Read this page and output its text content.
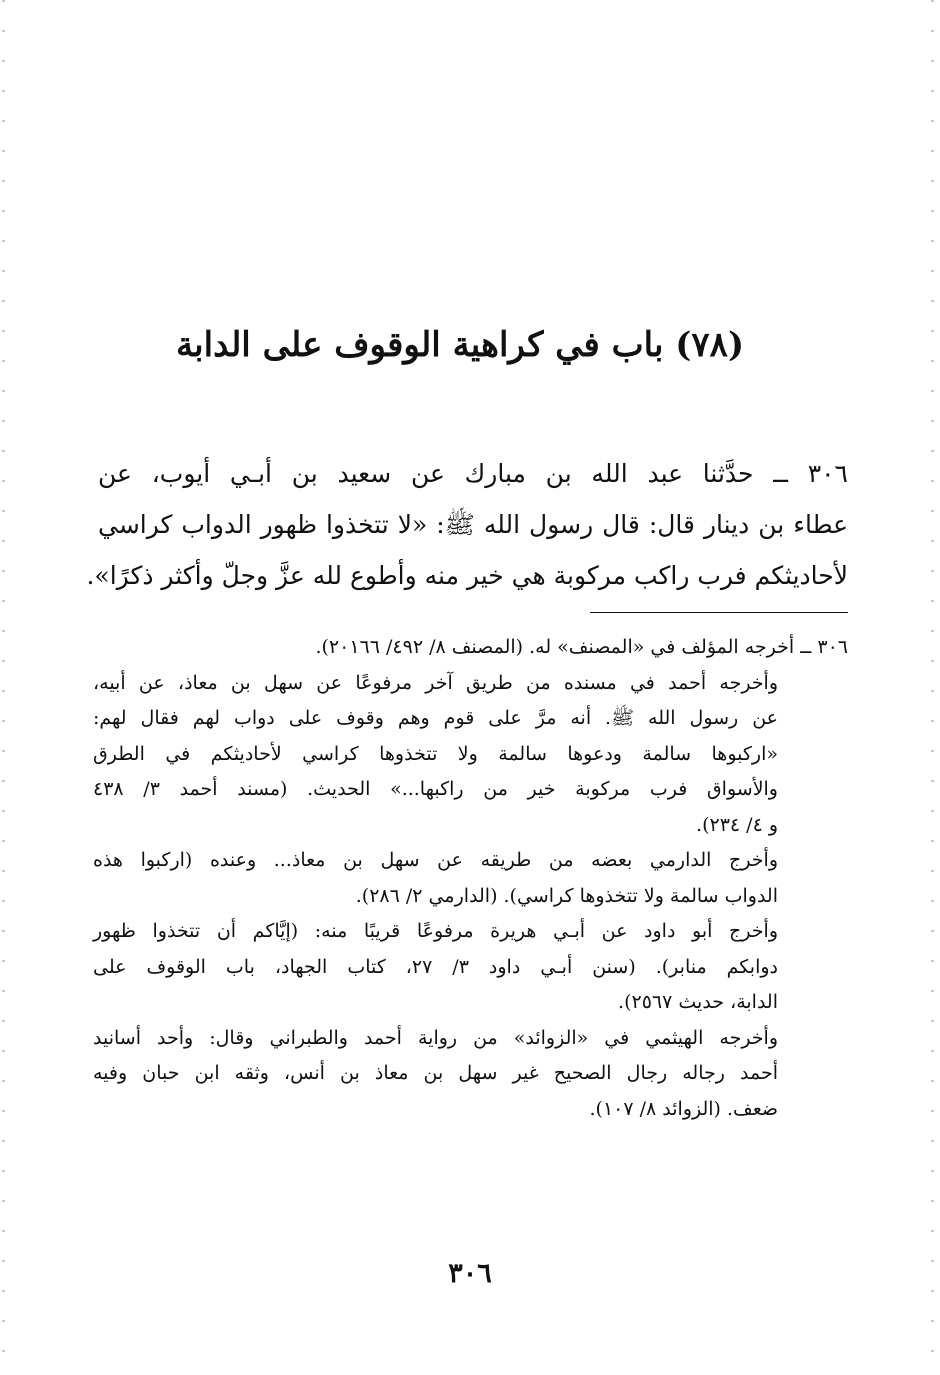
(٧٨) باب في كراهية الوقوف على الدابة
٣٠٦ ــ حدَّثنا عبد الله بن مبارك عن سعيد بن أبـي أيوب، عن
عطاء بن دينار قال: قال رسول الله ﷺ: «لا تتخذوا ظهور الدواب كراسي
لأحاديثكم فرب راكب مركوبة هي خير منه وأطوع لله عزَّ وجلّ وأكثر ذكرًا».

٣٠٦ ــ أخرجه المؤلف في «المصنف» له. (المصنف ٨/ ٤٩٢/ ٢٠١٦٦).

وأخرجه أحمد في مسنده من طريق آخر مرفوعًا عن سهل بن معاذ، عن أبيه،
عن رسول الله ﷺ. أنه مرَّ على قوم وهم وقوف على دواب لهم فقال لهم:
«اركبوها سالمة ودعوها سالمة ولا تتخذوها كراسي لأحاديثكم في الطرق
والأسواق فرب مركوبة خير من راكبها...» الحديث. (مسند أحمد ٣/ ٤٣٨
و ٤/ ٢٣٤).

وأخرج الدارمي بعضه من طريقه عن سهل بن معاذ... وعنده (اركبوا هذه
الدواب سالمة ولا تتخذوها كراسي). (الدارمي ٢/ ٢٨٦).

وأخرج أبو داود عن أبـي هريرة مرفوعًا قريبًا منه: (إيَّاكم أن تتخذوا ظهور
دوابكم منابر). (سنن أبـي داود ٣/ ٢٧، كتاب الجهاد، باب الوقوف على
الدابة، حديث ٢٥٦٧).

وأخرجه الهيثمي في «الزوائد» من رواية أحمد والطبراني وقال: وأحد أسانيد
أحمد رجاله رجال الصحيح غير سهل بن معاذ بن أنس، وثقه ابن حبان وفيه
ضعف. (الزوائد ٨/ ١٠٧).

٣٠٦
